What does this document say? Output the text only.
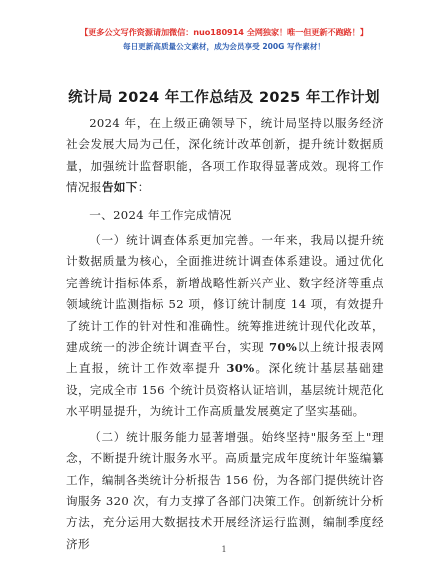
【更多公文写作资源请加微信：nuo180914 全网独家！唯一但更新不跑路！】
每日更新高质量公文素材，成为会员享受 200G 写作素材！
统计局 2024 年工作总结及 2025 年工作计划

2024 年，在上级正确领导下，统计局坚持以服务经济社会发展大局为己任，深化统计改革创新，提升统计数据质量，加强统计监督职能，各项工作取得显著成效。现将工作情况报告如下：

一、2024 年工作完成情况

（一）统计调查体系更加完善。一年来，我局以提升统计数据质量为核心，全面推进统计调查体系建设。通过优化完善统计指标体系，新增战略性新兴产业、数字经济等重点领域统计监测指标 52 项，修订统计制度 14 项，有效提升了统计工作的针对性和准确性。统筹推进统计现代化改革，建成统一的涉企统计调查平台，实现 70%以上统计报表网上直报，统计工作效率提升 30%。深化统计基层基础建设，完成全市 156 个统计员资格认证培训，基层统计规范化水平明显提升，为统计工作高质量发展奠定了坚实基础。

（二）统计服务能力显著增强。始终坚持"服务至上"理念，不断提升统计服务水平。高质量完成年度统计年鉴编纂工作，编制各类统计分析报告 156 份，为各部门提供统计咨询服务 320 次，有力支撑了各部门决策工作。创新统计分析方法，充分运用大数据技术开展经济运行监测，编制季度经济形	1
